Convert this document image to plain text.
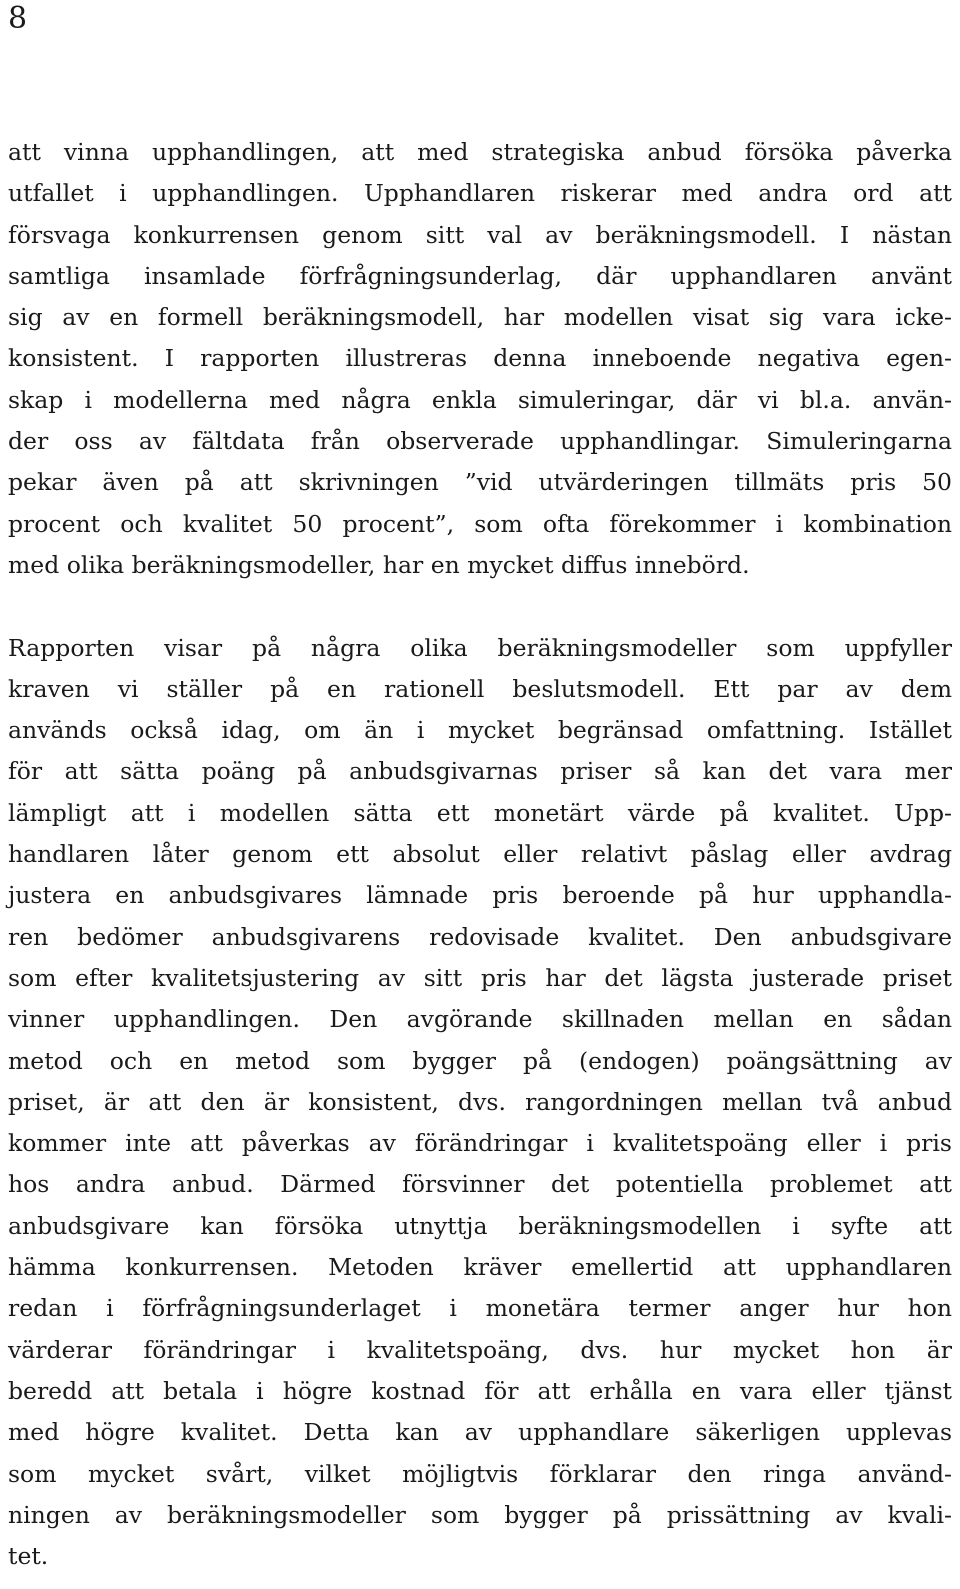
8
att vinna upphandlingen, att med strategiska anbud försöka påverka
utfallet i upphandlingen. Upphandlaren riskerar med andra ord att
försvaga konkurrensen genom sitt val av beräkningsmodell. I nästan
samtliga insamlade förfrågningsunderlag, där upphandlaren använt
sig av en formell beräkningsmodell, har modellen visat sig vara icke-
konsistent. I rapporten illustreras denna inneboende negativa egen-
skap i modellerna med några enkla simuleringar, där vi bl.a. använ-
der oss av fältdata från observerade upphandlingar. Simuleringarna
pekar även på att skrivningen ”vid utvärderingen tillmäts pris 50
procent och kvalitet 50 procent”, som ofta förekommer i kombination
med olika beräkningsmodeller, har en mycket diffus innebörd.
Rapporten visar på några olika beräkningsmodeller som uppfyller
kraven vi ställer på en rationell beslutsmodell. Ett par av dem
används också idag, om än i mycket begränsad omfattning. Istället
för att sätta poäng på anbudsgivarnas priser så kan det vara mer
lämpligt att i modellen sätta ett monetärt värde på kvalitet. Upp-
handlaren låter genom ett absolut eller relativt påslag eller avdrag
justera en anbudsgivares lämnade pris beroende på hur upphandla-
ren bedömer anbudsgivarens redovisade kvalitet. Den anbudsgivare
som efter kvalitetsjustering av sitt pris har det lägsta justerade priset
vinner upphandlingen. Den avgörande skillnaden mellan en sådan
metod och en metod som bygger på (endogen) poängsättning av
priset, är att den är konsistent, dvs. rangordningen mellan två anbud
kommer inte att påverkas av förändringar i kvalitetspoäng eller i pris
hos andra anbud. Därmed försvinner det potentiella problemet att
anbudsgivare kan försöka utnyttja beräkningsmodellen i syfte att
hämma konkurrensen. Metoden kräver emellertid att upphandlaren
redan i förfrågningsunderlaget i monetära termer anger hur hon
värderar förändringar i kvalitetspoäng, dvs. hur mycket hon är
beredd att betala i högre kostnad för att erhålla en vara eller tjänst
med högre kvalitet. Detta kan av upphandlare säkerligen upplevas
som mycket svårt, vilket möjligtvis förklarar den ringa använd-
ningen av beräkningsmodeller som bygger på prissättning av kvali-
tet.
